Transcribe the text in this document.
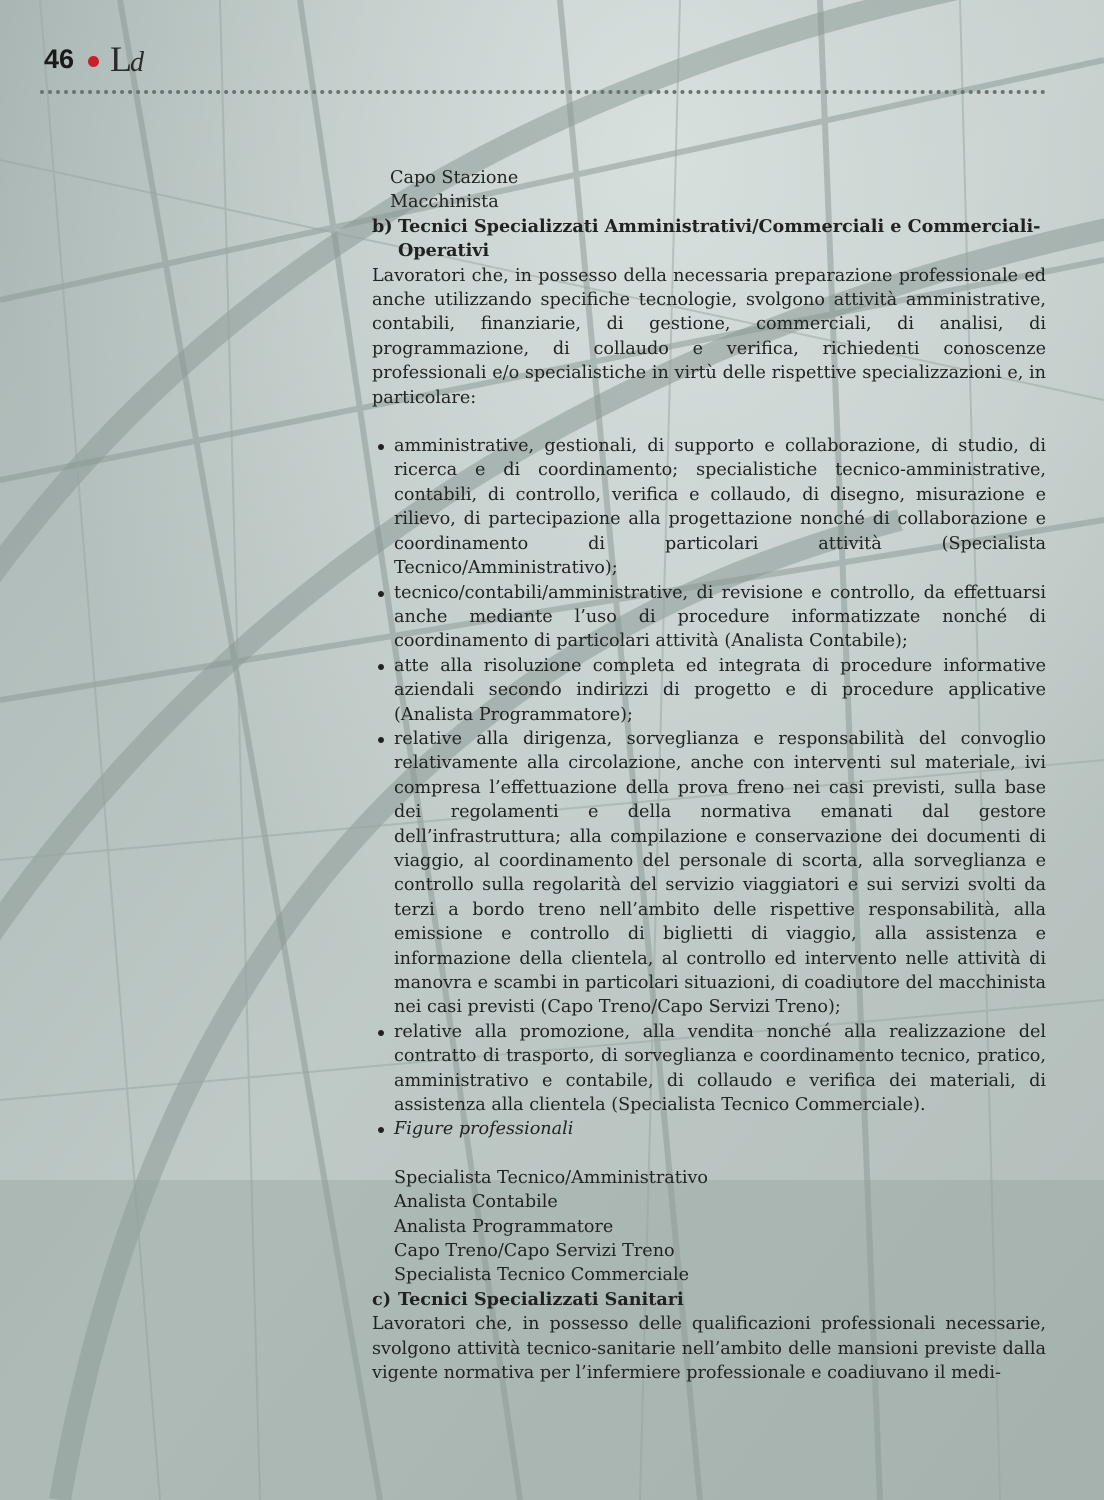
46 Ld
Capo Stazione
Macchinista

b) Tecnici Specializzati Amministrativi/Commerciali e Commerciali-Operativi

Lavoratori che, in possesso della necessaria preparazione professionale ed anche utilizzando specifiche tecnologie, svolgono attività amministrative, contabili, finanziarie, di gestione, commerciali, di analisi, di programmazione, di collaudo e verifica, richiedenti conoscenze professionali e/o specialistiche in virtù delle rispettive specializzazioni e, in particolare:

amministrative, gestionali, di supporto e collaborazione, di studio, di ricerca e di coordinamento; specialistiche tecnico-amministrative, contabili, di controllo, verifica e collaudo, di disegno, misurazione e rilievo, di partecipazione alla progettazione nonché di collaborazione e coordinamento di particolari attività (Specialista Tecnico/Amministrativo);
tecnico/contabili/amministrative, di revisione e controllo, da effettuarsi anche mediante l’uso di procedure informatizzate nonché di coordinamento di particolari attività (Analista Contabile);
atte alla risoluzione completa ed integrata di procedure informative aziendali secondo indirizzi di progetto e di procedure applicative (Analista Programmatore);
relative alla dirigenza, sorveglianza e responsabilità del convoglio relativamente alla circolazione, anche con interventi sul materiale, ivi compresa l’effettuazione della prova freno nei casi previsti, sulla base dei regolamenti e della normativa emanati dal gestore dell’infrastruttura; alla compilazione e conservazione dei documenti di viaggio, al coordinamento del personale di scorta, alla sorveglianza e controllo sulla regolarità del servizio viaggiatori e sui servizi svolti da terzi a bordo treno nell’ambito delle rispettive responsabilità, alla emissione e controllo di biglietti di viaggio, alla assistenza e informazione della clientela, al controllo ed intervento nelle attività di manovra e scambi in particolari situazioni, di coadiutore del macchinista nei casi previsti (Capo Treno/Capo Servizi Treno);
relative alla promozione, alla vendita nonché alla realizzazione del contratto di trasporto, di sorveglianza e coordinamento tecnico, pratico, amministrativo e contabile, di collaudo e verifica dei materiali, di assistenza alla clientela (Specialista Tecnico Commerciale).

Figure professionali

Specialista Tecnico/Amministrativo
Analista Contabile
Analista Programmatore
Capo Treno/Capo Servizi Treno
Specialista Tecnico Commerciale

c) Tecnici Specializzati Sanitari

Lavoratori che, in possesso delle qualificazioni professionali necessarie, svolgono attività tecnico-sanitarie nell’ambito delle mansioni previste dalla vigente normativa per l’infermiere professionale e coadiuvano il medi-
